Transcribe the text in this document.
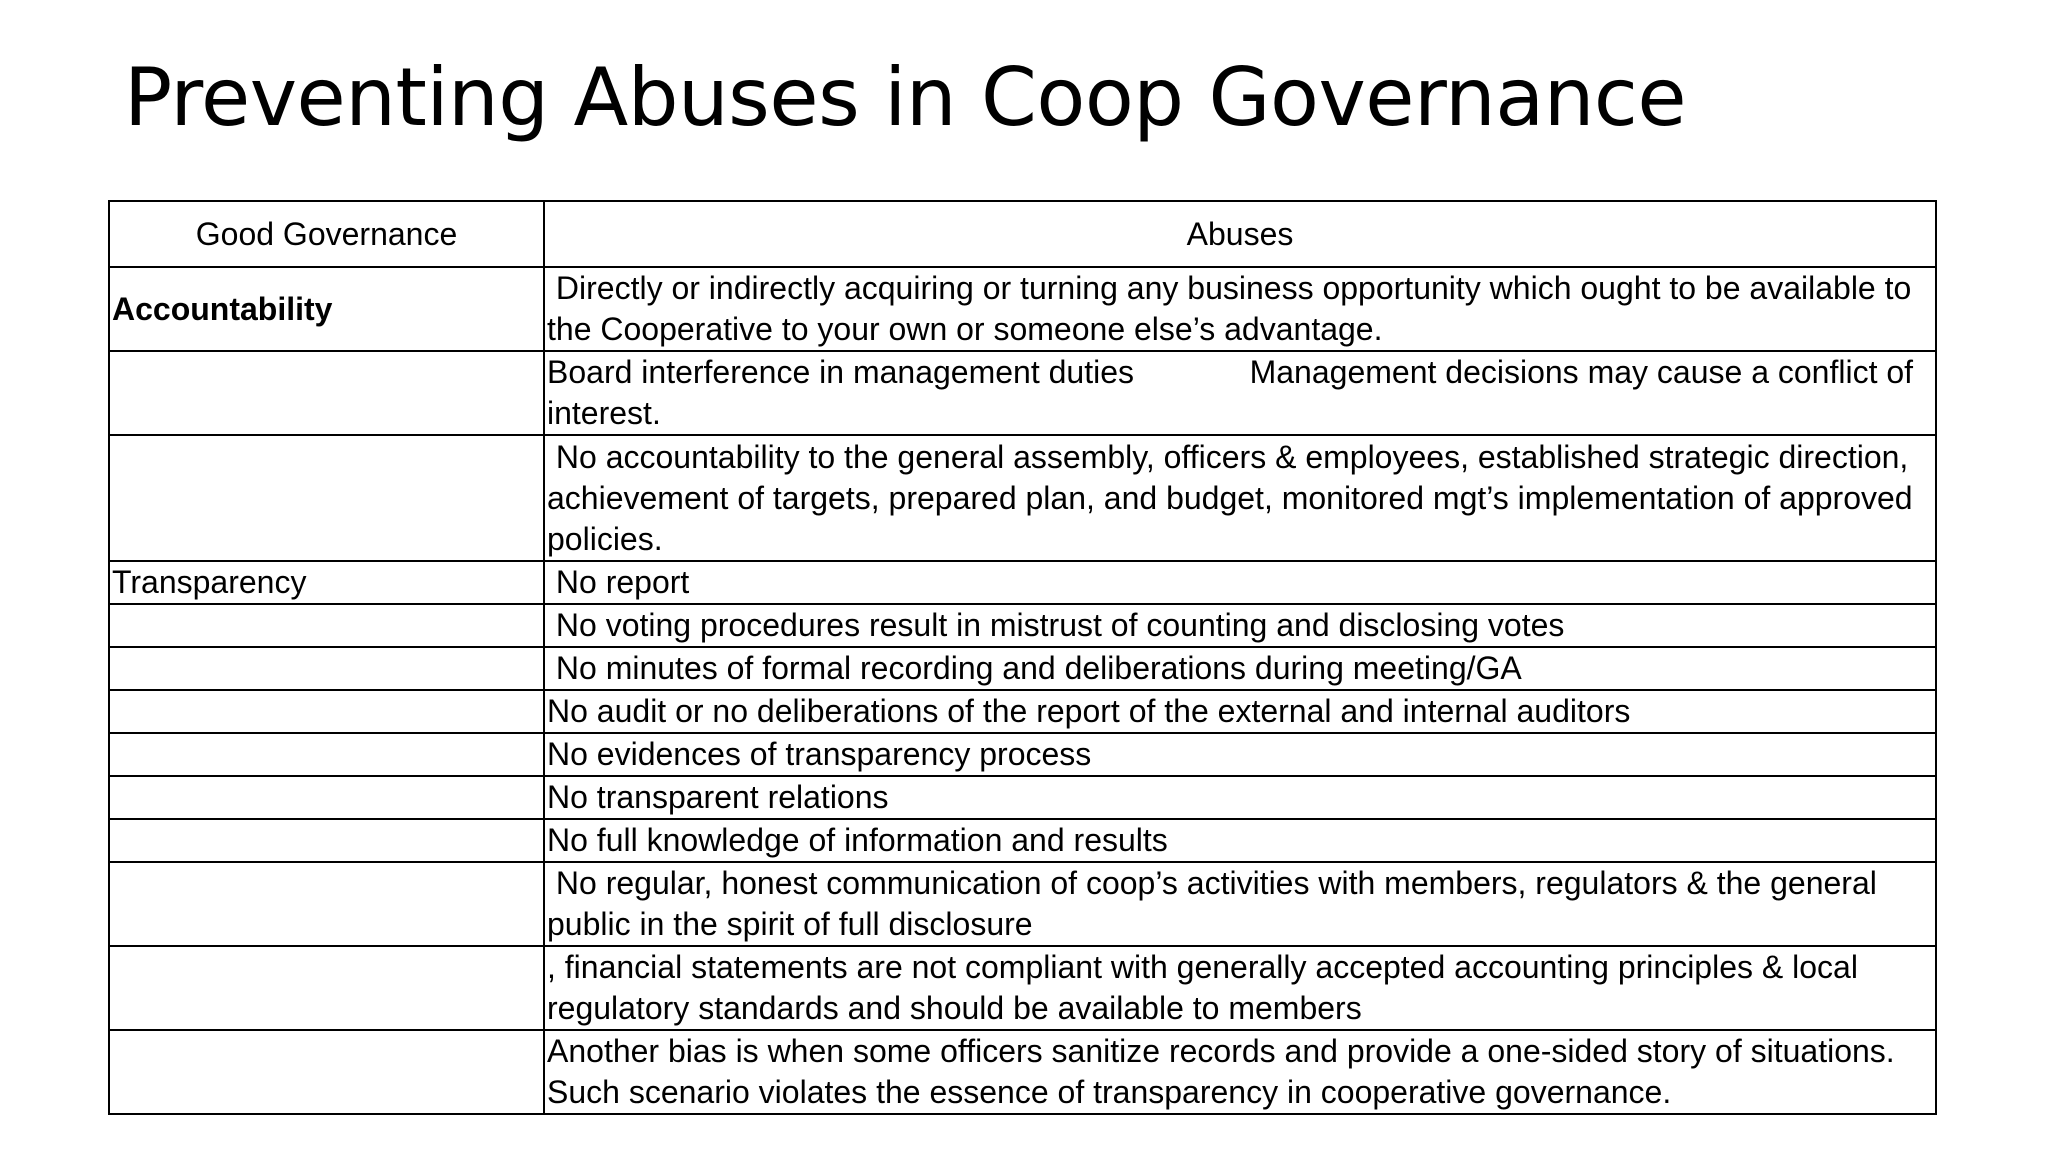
Preventing Abuses in Coop Governance
Good Governance	Abuses
Accountability	Directly or indirectly acquiring or turning any business opportunity which ought to be available to the Cooperative to your own or someone else’s advantage.
	Board interference in management duties             Management decisions may cause a conflict of interest.
	No accountability to the general assembly, officers & employees, established strategic direction, achievement of targets, prepared plan, and budget, monitored mgt’s implementation of approved policies.
Transparency	No report
	No voting procedures result in mistrust of counting and disclosing votes
	No minutes of formal recording and deliberations during meeting/GA
	No audit or no deliberations of the report of the external and internal auditors
	No evidences of transparency process
	No transparent relations
	No full knowledge of information and results
	No regular, honest communication of coop’s activities with members, regulators & the general public in the spirit of full disclosure
	, financial statements are not compliant with generally accepted accounting principles & local regulatory standards and should be available to members
	Another bias is when some officers sanitize records and provide a one-sided story of situations. Such scenario violates the essence of transparency in cooperative governance.
